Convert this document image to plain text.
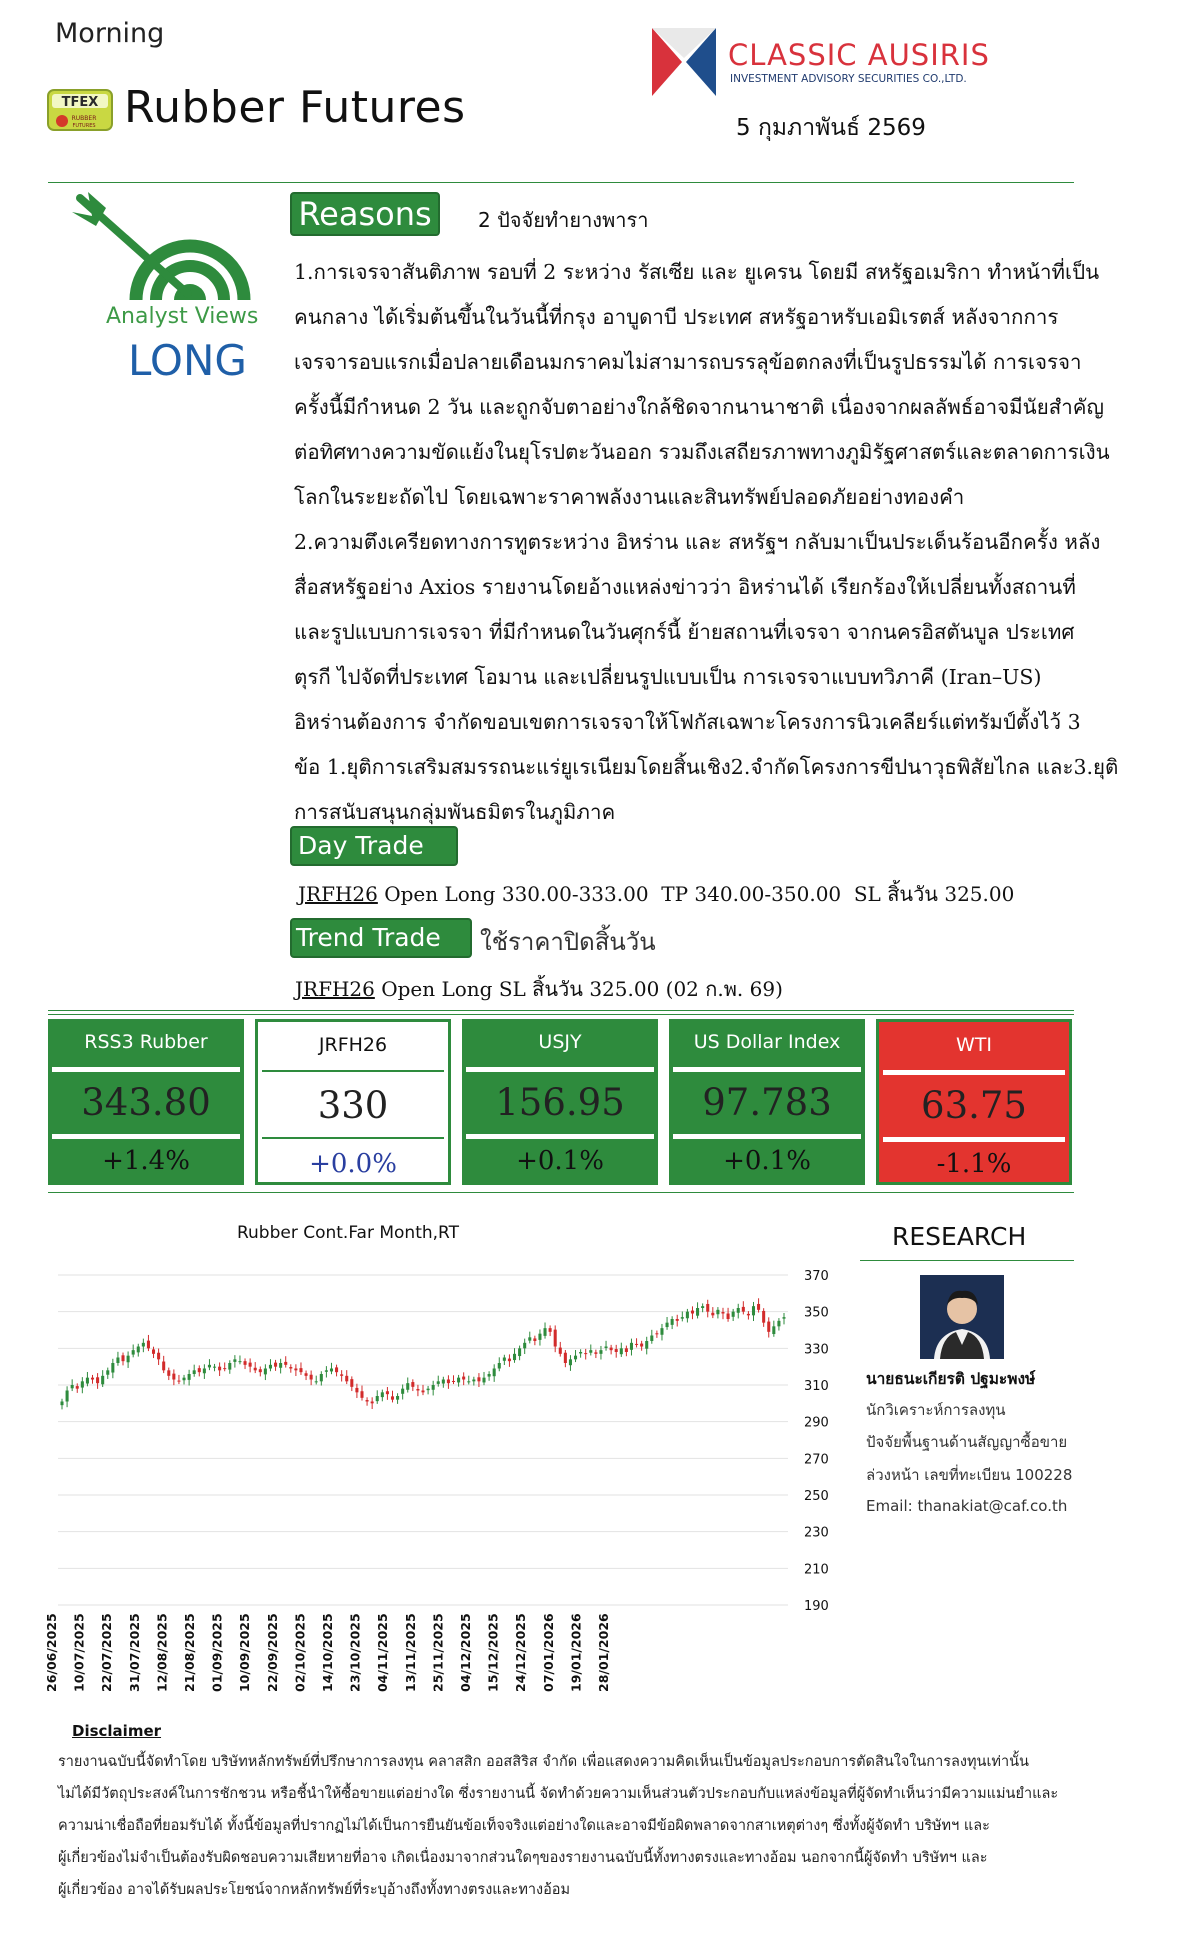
Morning
TFEX
RUBBER
FUTURES Rubber Futures
CLASSIC AUSIRIS
INVESTMENT ADVISORY SECURITIES CO.,LTD.
5 กุมภาพันธ์ 2569
Analyst Views
LONG
Reasons	2 ปัจจัยทำยางพารา

1.การเจรจาสันติภาพ รอบที่ 2 ระหว่าง รัสเซีย และ ยูเครน โดยมี สหรัฐอเมริกา ทำหน้าที่เป็น

คนกลาง ได้เริ่มต้นขึ้นในวันนี้ที่กรุง อาบูดาบี ประเทศ สหรัฐอาหรับเอมิเรตส์ หลังจากการ

เจรจารอบแรกเมื่อปลายเดือนมกราคมไม่สามารถบรรลุข้อตกลงที่เป็นรูปธรรมได้ การเจรจา

ครั้งนี้มีกำหนด 2 วัน และถูกจับตาอย่างใกล้ชิดจากนานาชาติ เนื่องจากผลลัพธ์อาจมีนัยสำคัญ

ต่อทิศทางความขัดแย้งในยุโรปตะวันออก รวมถึงเสถียรภาพทางภูมิรัฐศาสตร์และตลาดการเงิน

โลกในระยะถัดไป โดยเฉพาะราคาพลังงานและสินทรัพย์ปลอดภัยอย่างทองคำ

2.ความตึงเครียดทางการทูตระหว่าง อิหร่าน และ สหรัฐฯ กลับมาเป็นประเด็นร้อนอีกครั้ง หลัง

สื่อสหรัฐอย่าง Axios รายงานโดยอ้างแหล่งข่าวว่า อิหร่านได้ เรียกร้องให้เปลี่ยนทั้งสถานที่

และรูปแบบการเจรจา ที่มีกำหนดในวันศุกร์นี้ ย้ายสถานที่เจรจา จากนครอิสตันบูล ประเทศ

ตุรกี ไปจัดที่ประเทศ โอมาน และเปลี่ยนรูปแบบเป็น การเจรจาแบบทวิภาคี (Iran–US)

อิหร่านต้องการ จำกัดขอบเขตการเจรจาให้โฟกัสเฉพาะโครงการนิวเคลียร์แต่ทรัมป์ตั้งไว้ 3

ข้อ 1.ยุติการเสริมสมรรถนะแร่ยูเรเนียมโดยสิ้นเชิง2.จำกัดโครงการขีปนาวุธพิสัยไกล และ3.ยุติ

การสนับสนุนกลุ่มพันธมิตรในภูมิภาค

Day Trade
JRFH26 Open Long 330.00-333.00  TP 340.00-350.00  SL สิ้นวัน 325.00
Trend Trade	ใช้ราคาปิดสิ้นวัน
JRFH26 Open Long SL สิ้นวัน 325.00 (02 ก.พ. 69)
RSS3 Rubber
343.80
+1.4%
JRFH26
330
+0.0%
USJY
156.95
+0.1%
US Dollar Index
97.783
+0.1%
WTI
63.75
-1.1%
Rubber Cont.Far Month,RT
370
350
330
310
290
270
250
230
210
190
26/06/2025 10/07/2025 22/07/2025 31/07/2025 12/08/2025 21/08/2025 01/09/2025 10/09/2025 22/09/2025 02/10/2025 14/10/2025 23/10/2025 04/11/2025 13/11/2025 25/11/2025 04/12/2025 15/12/2025 24/12/2025 07/01/2026 19/01/2026 28/01/2026
RESEARCH
นายธนะเกียรติ ปฐมะพงษ์
นักวิเคราะห์การลงทุน
ปัจจัยพื้นฐานด้านสัญญาซื้อขาย
ล่วงหน้า เลขที่ทะเบียน 100228
Email: thanakiat@caf.co.th
Disclaimer

รายงานฉบับนี้จัดทำโดย บริษัทหลักทรัพย์ที่ปรึกษาการลงทุน คลาสสิก ออสสิริส จำกัด เพื่อแสดงความคิดเห็นเป็นข้อมูลประกอบการตัดสินใจในการลงทุนเท่านั้น

ไม่ได้มีวัตถุประสงค์ในการชักชวน หรือชี้นำให้ซื้อขายแต่อย่างใด ซึ่งรายงานนี้ จัดทำด้วยความเห็นส่วนตัวประกอบกับแหล่งข้อมูลที่ผู้จัดทำเห็นว่ามีความแม่นยำและ

ความน่าเชื่อถือที่ยอมรับได้ ทั้งนี้ข้อมูลที่ปรากฏไม่ได้เป็นการยืนยันข้อเท็จจริงแต่อย่างใดและอาจมีข้อผิดพลาดจากสาเหตุต่างๆ ซึ่งทั้งผู้จัดทำ บริษัทฯ และ

ผู้เกี่ยวข้องไม่จำเป็นต้องรับผิดชอบความเสียหายที่อาจ เกิดเนื่องมาจากส่วนใดๆของรายงานฉบับนี้ทั้งทางตรงและทางอ้อม นอกจากนี้ผู้จัดทำ บริษัทฯ และ

ผู้เกี่ยวข้อง อาจได้รับผลประโยชน์จากหลักทรัพย์ที่ระบุอ้างถึงทั้งทางตรงและทางอ้อม
